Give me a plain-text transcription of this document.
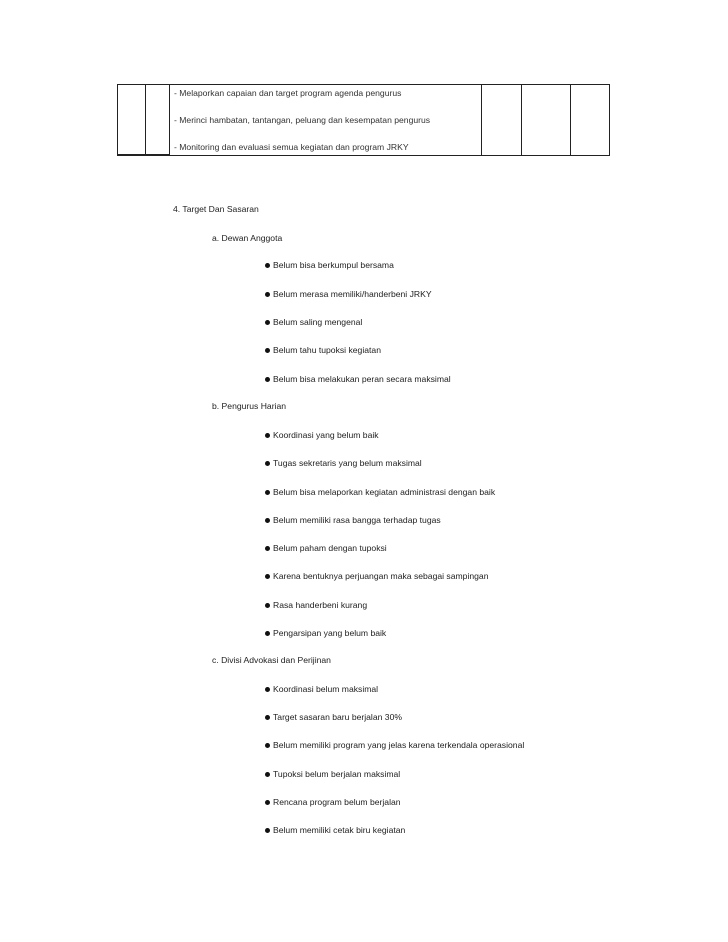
- Melaporkan capaian dan target program agenda pengurus
- Merinci hambatan, tantangan, peluang dan kesempatan pengurus
- Monitoring dan evaluasi semua kegiatan dan program JRKY

4. Target Dan Sasaran
a. Dewan Anggota
Belum bisa berkumpul bersama
Belum merasa memiliki/handerbeni JRKY
Belum saling mengenal
Belum tahu tupoksi kegiatan
Belum bisa melakukan peran secara maksimal
b. Pengurus Harian
Koordinasi yang belum baik
Tugas sekretaris yang belum maksimal
Belum bisa melaporkan kegiatan administrasi dengan baik
Belum memiliki rasa bangga terhadap tugas
Belum paham dengan tupoksi
Karena bentuknya perjuangan maka sebagai sampingan
Rasa handerbeni kurang
Pengarsipan yang belum baik
c. Divisi Advokasi dan Perijinan
Koordinasi belum maksimal
Target sasaran baru berjalan 30%
Belum memiliki program yang jelas karena terkendala operasional
Tupoksi belum berjalan maksimal
Rencana program belum berjalan
Belum memiliki cetak biru kegiatan
